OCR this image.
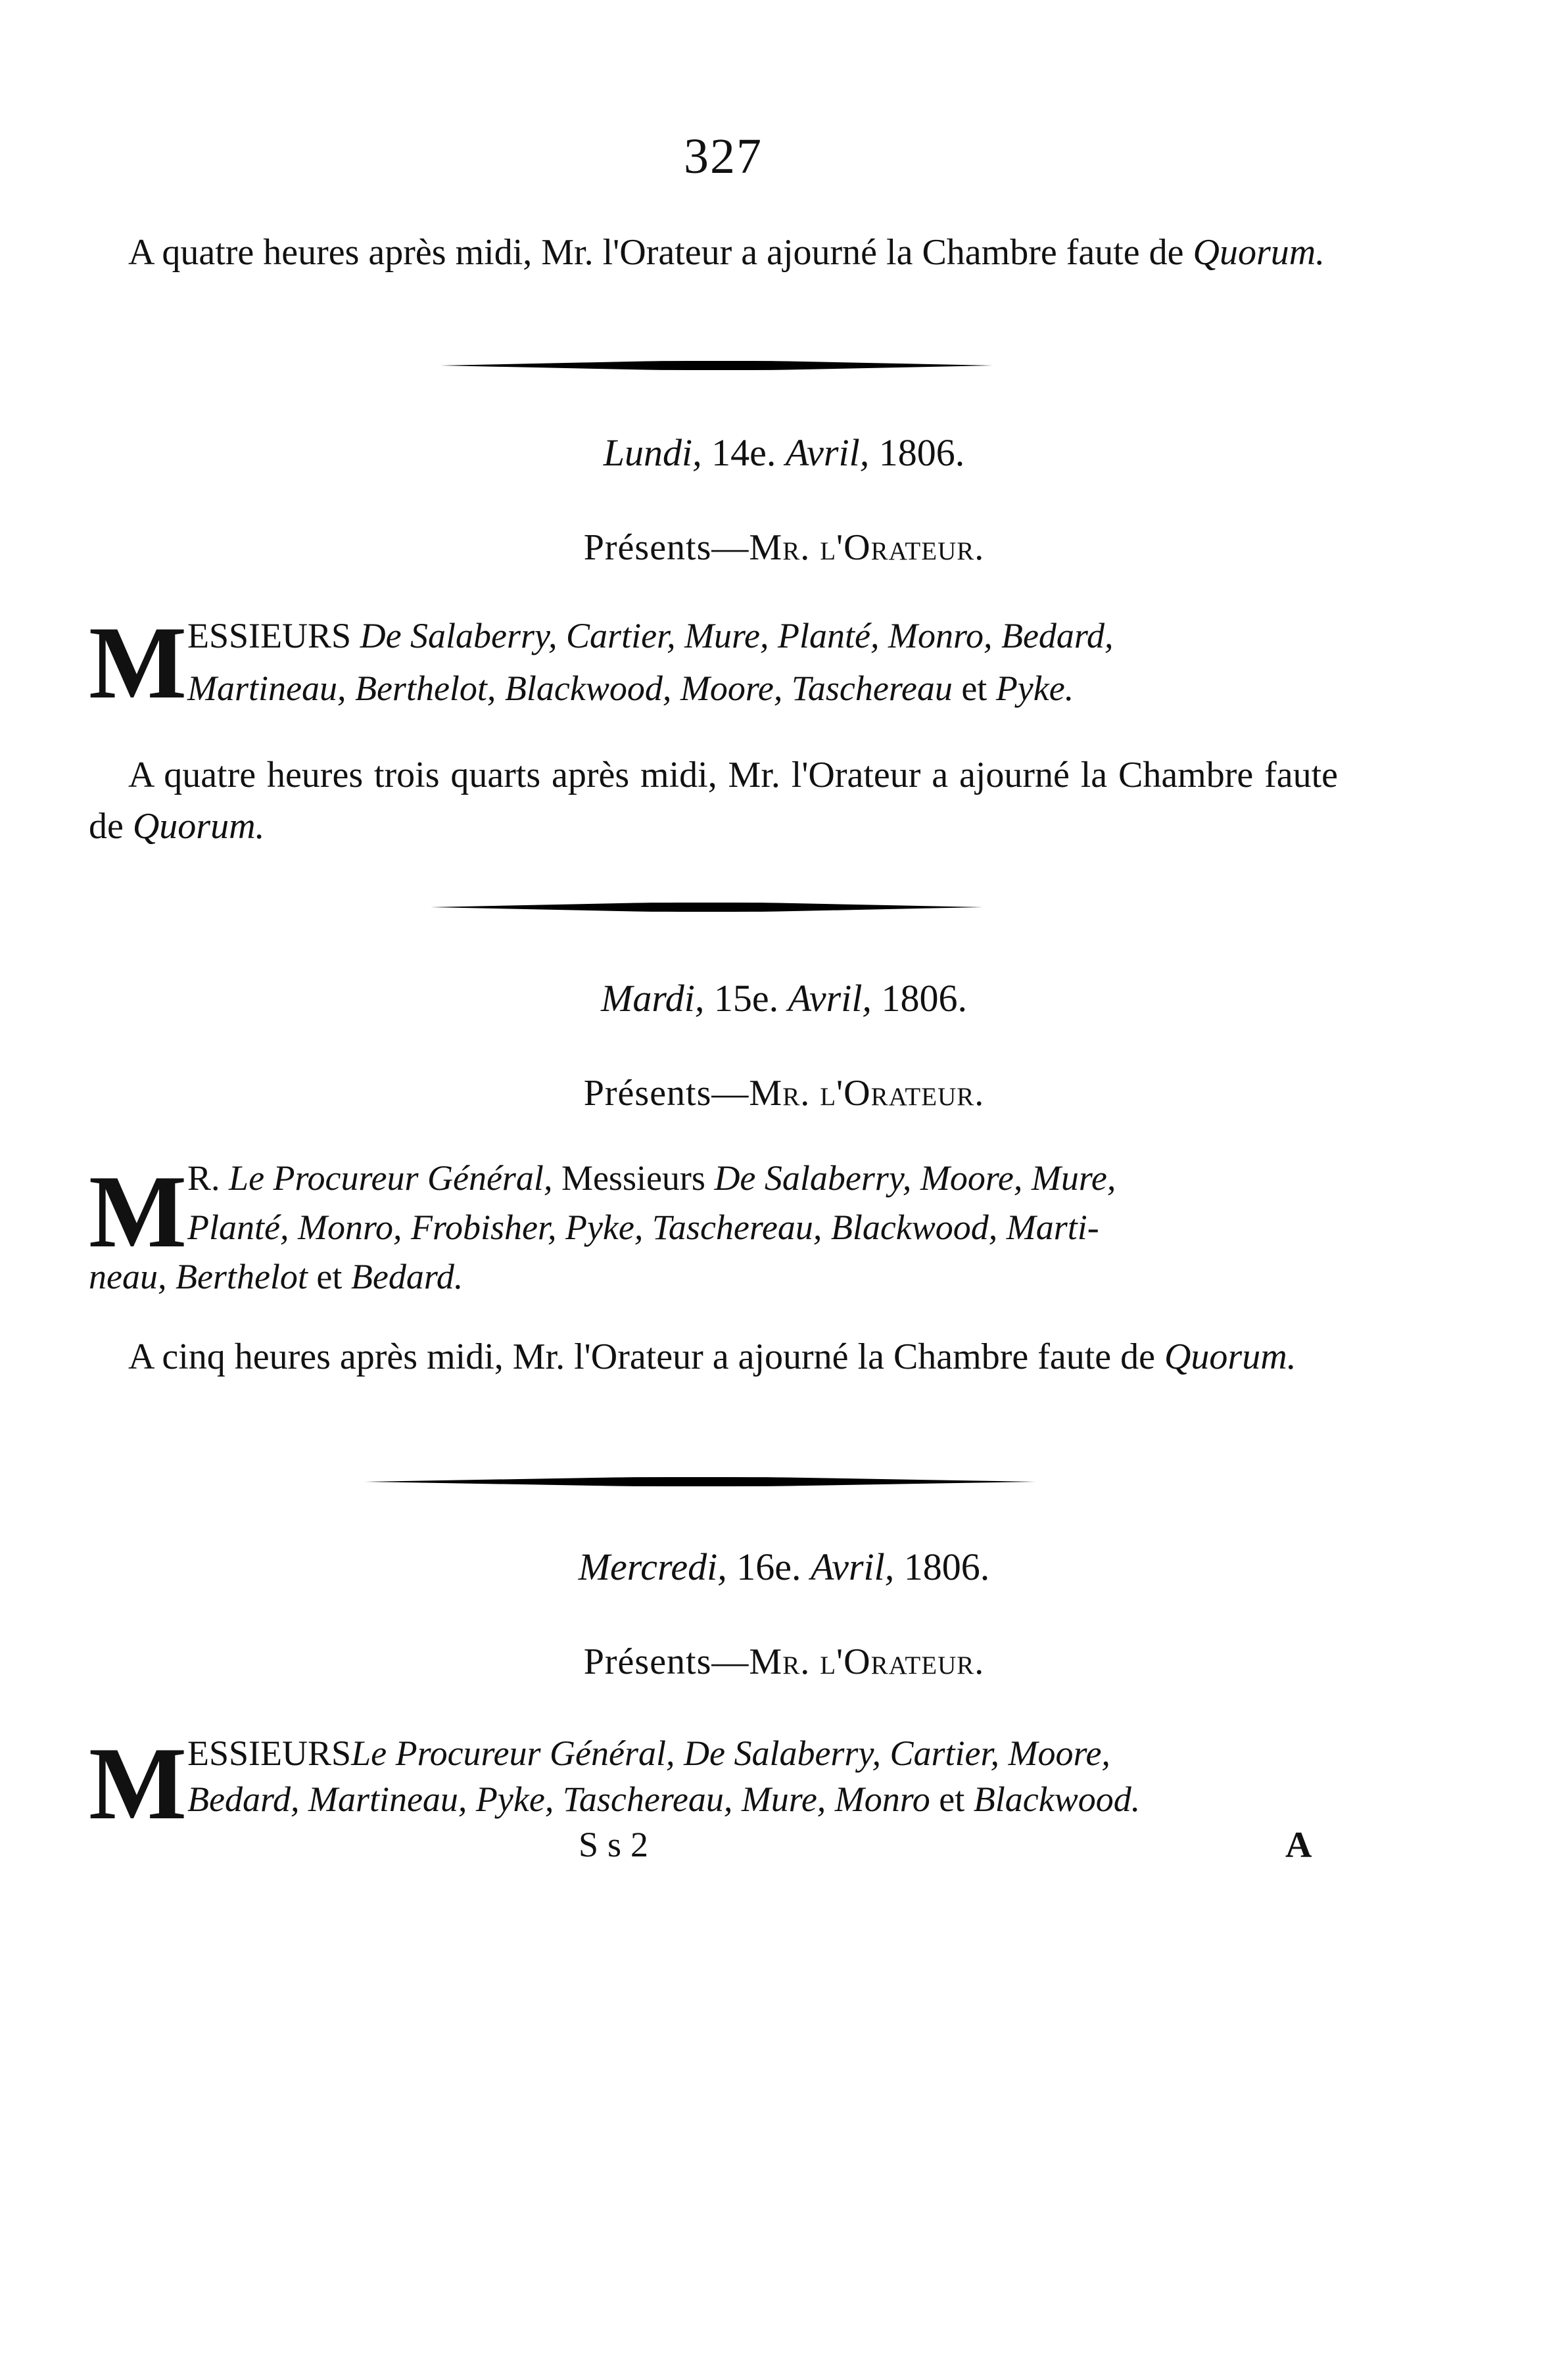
327

A quatre heures après midi, Mr. l'Orateur a ajourné la Chambre faute de Quorum.

Lundi, 14e. Avril, 1806.
Présents—Mr. l'Orateur.
M ESSIEURS De Salaberry, Cartier, Mure, Planté, Monro, Bedard,
Martineau, Berthelot, Blackwood, Moore, Taschereau et Pyke.

A quatre heures trois quarts après midi, Mr. l'Orateur a ajourné la Chambre faute de Quorum.

Mardi, 15e. Avril, 1806.
Présents—Mr. l'Orateur.
M R. Le Procureur Général, Messieurs De Salaberry, Moore, Mure,
Planté, Monro, Frobisher, Pyke, Taschereau, Blackwood, Marti-
neau, Berthelot et Bedard.

A cinq heures après midi, Mr. l'Orateur a ajourné la Chambre faute de Quorum.

Mercredi, 16e. Avril, 1806.
Présents—Mr. l'Orateur.
M ESSIEURSLe Procureur Général, De Salaberry, Cartier, Moore,
Bedard, Martineau, Pyke, Taschereau, Mure, Monro et Blackwood.
Ss2	A
